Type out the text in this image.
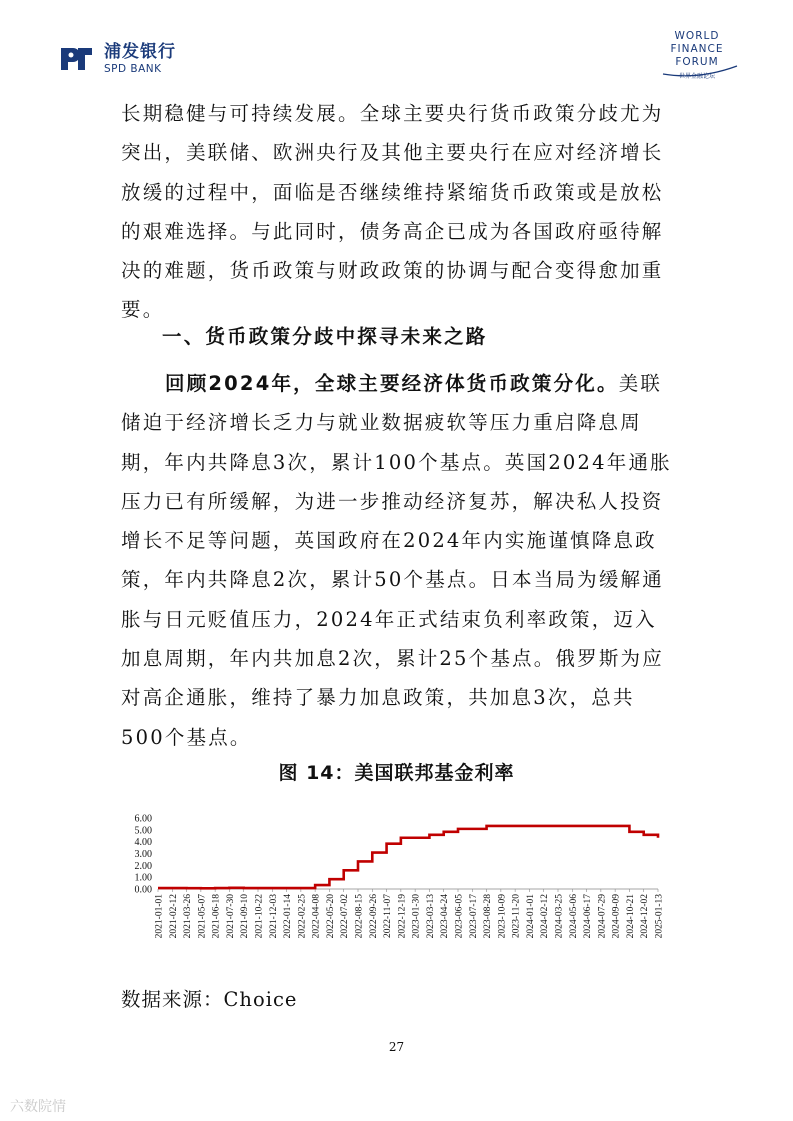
浦发银行
SPD BANK
WORLD
FINANCE
FORUM
世界金融论坛
长期稳健与可持续发展。全球主要央行货币政策分歧尤为突出，美联储、欧洲央行及其他主要央行在应对经济增长放缓的过程中，面临是否继续维持紧缩货币政策或是放松的艰难选择。与此同时，债务高企已成为各国政府亟待解决的难题，货币政策与财政政策的协调与配合变得愈加重要。
一、货币政策分歧中探寻未来之路
回顾2024年，全球主要经济体货币政策分化。美联储迫于经济增长乏力与就业数据疲软等压力重启降息周期，年内共降息3次，累计100个基点。英国2024年通胀压力已有所缓解，为进一步推动经济复苏，解决私人投资增长不足等问题，英国政府在2024年内实施谨慎降息政策，年内共降息2次，累计50个基点。日本当局为缓解通胀与日元贬值压力，2024年正式结束负利率政策，迈入加息周期，年内共加息2次，累计25个基点。俄罗斯为应对高企通胀，维持了暴力加息政策，共加息3次，总共500个基点。
图 14：美国联邦基金利率
6.00
5.00
4.00
3.00
2.00
1.00
0.00
2021-01-01 2021-02-12 2021-03-26 2021-05-07 2021-06-18 2021-07-30 2021-09-10 2021-10-22 2021-12-03 2022-01-14 2022-02-25 2022-04-08 2022-05-20 2022-07-02 2022-08-15 2022-09-26 2022-11-07 2022-12-19 2023-01-30 2023-03-13 2023-04-24 2023-06-05 2023-07-17 2023-08-28 2023-10-09 2023-11-20 2024-01-01 2024-02-12 2024-03-25 2024-05-06 2024-06-17 2024-07-29 2024-09-09 2024-10-21 2024-12-02 2025-01-13
数据来源：Choice
27
六数院情
